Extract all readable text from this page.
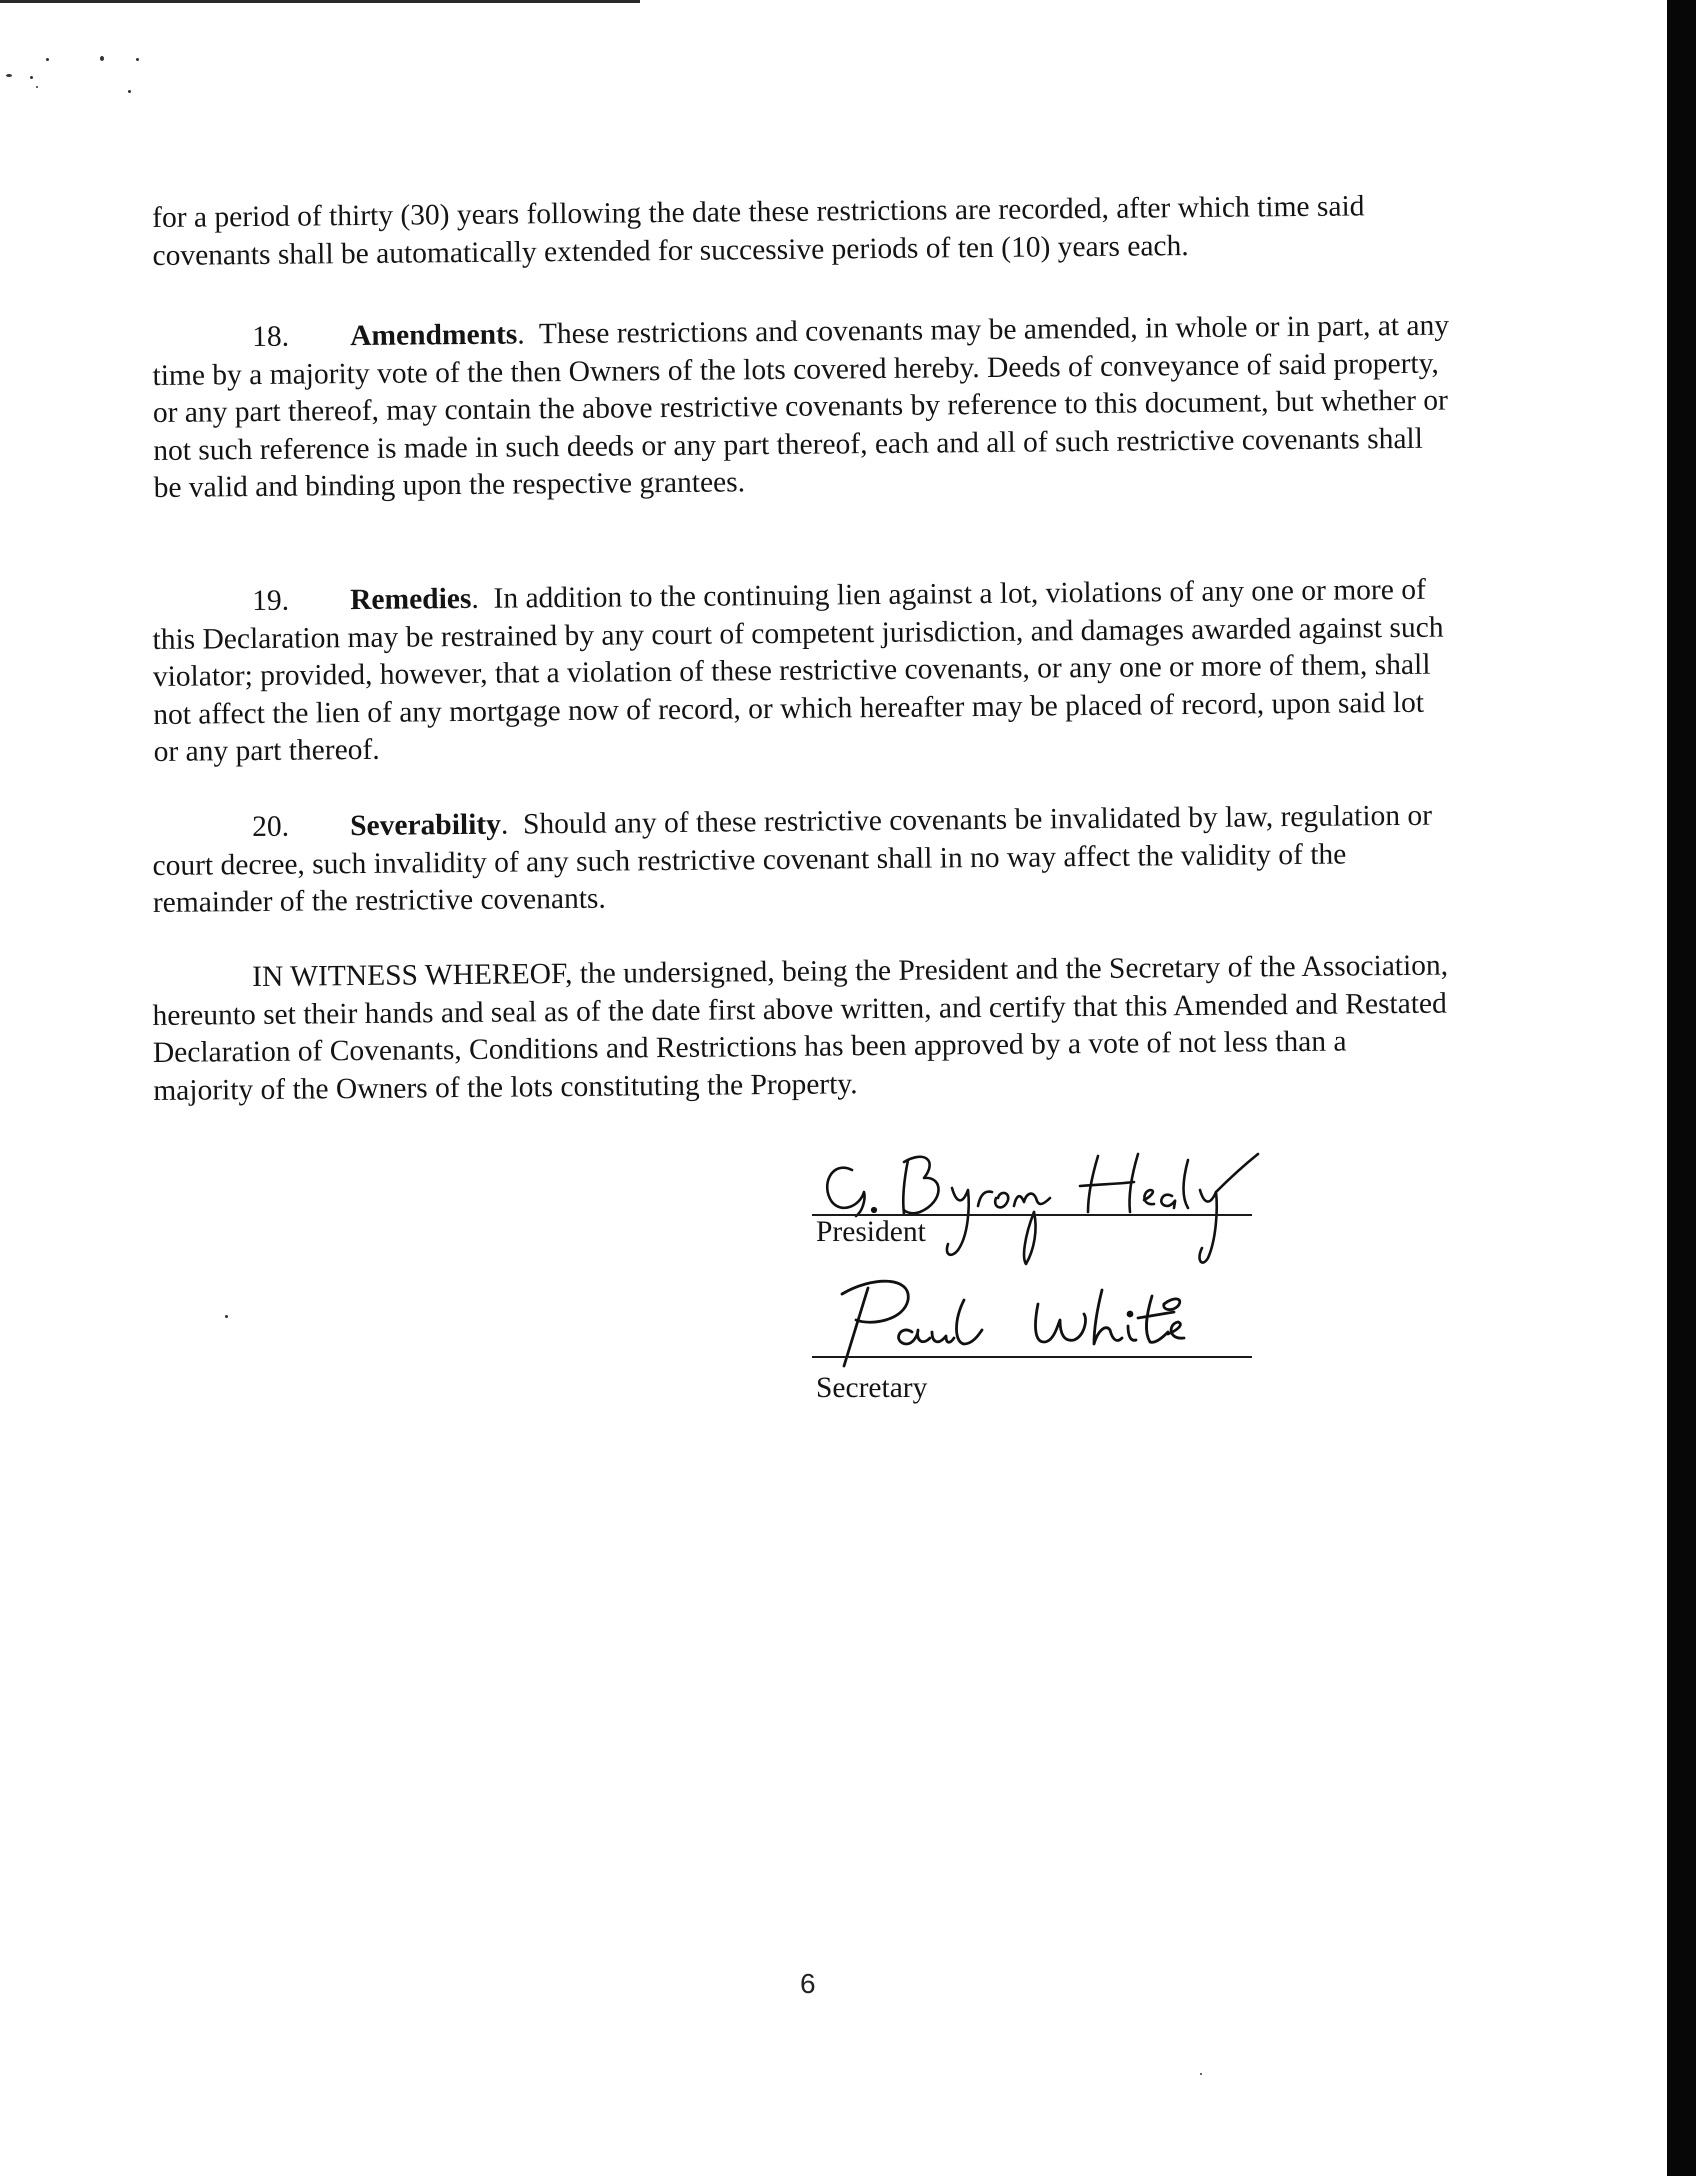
for a period of thirty (30) years following the date these restrictions are recorded, after which time said covenants shall be automatically extended for successive periods of ten (10) years each.

18. Amendments.  These restrictions and covenants may be amended, in whole or in part, at any time by a majority vote of the then Owners of the lots covered hereby. Deeds of conveyance of said property, or any part thereof, may contain the above restrictive covenants by reference to this document, but whether or not such reference is made in such deeds or any part thereof, each and all of such restrictive covenants shall be valid and binding upon the respective grantees.

19. Remedies.  In addition to the continuing lien against a lot, violations of any one or more of this Declaration may be restrained by any court of competent jurisdiction, and damages awarded against such violator; provided, however, that a violation of these restrictive covenants, or any one or more of them, shall not affect the lien of any mortgage now of record, or which hereafter may be placed of record, upon said lot or any part thereof.

20. Severability.  Should any of these restrictive covenants be invalidated by law, regulation or court decree, such invalidity of any such restrictive covenant shall in no way affect the validity of the remainder of the restrictive covenants.

IN WITNESS WHEREOF, the undersigned, being the President and the Secretary of the Association, hereunto set their hands and seal as of the date first above written, and certify that this Amended and Restated Declaration of Covenants, Conditions and Restrictions has been approved by a vote of not less than a majority of the Owners of the lots constituting the Property.

President
Secretary
6
